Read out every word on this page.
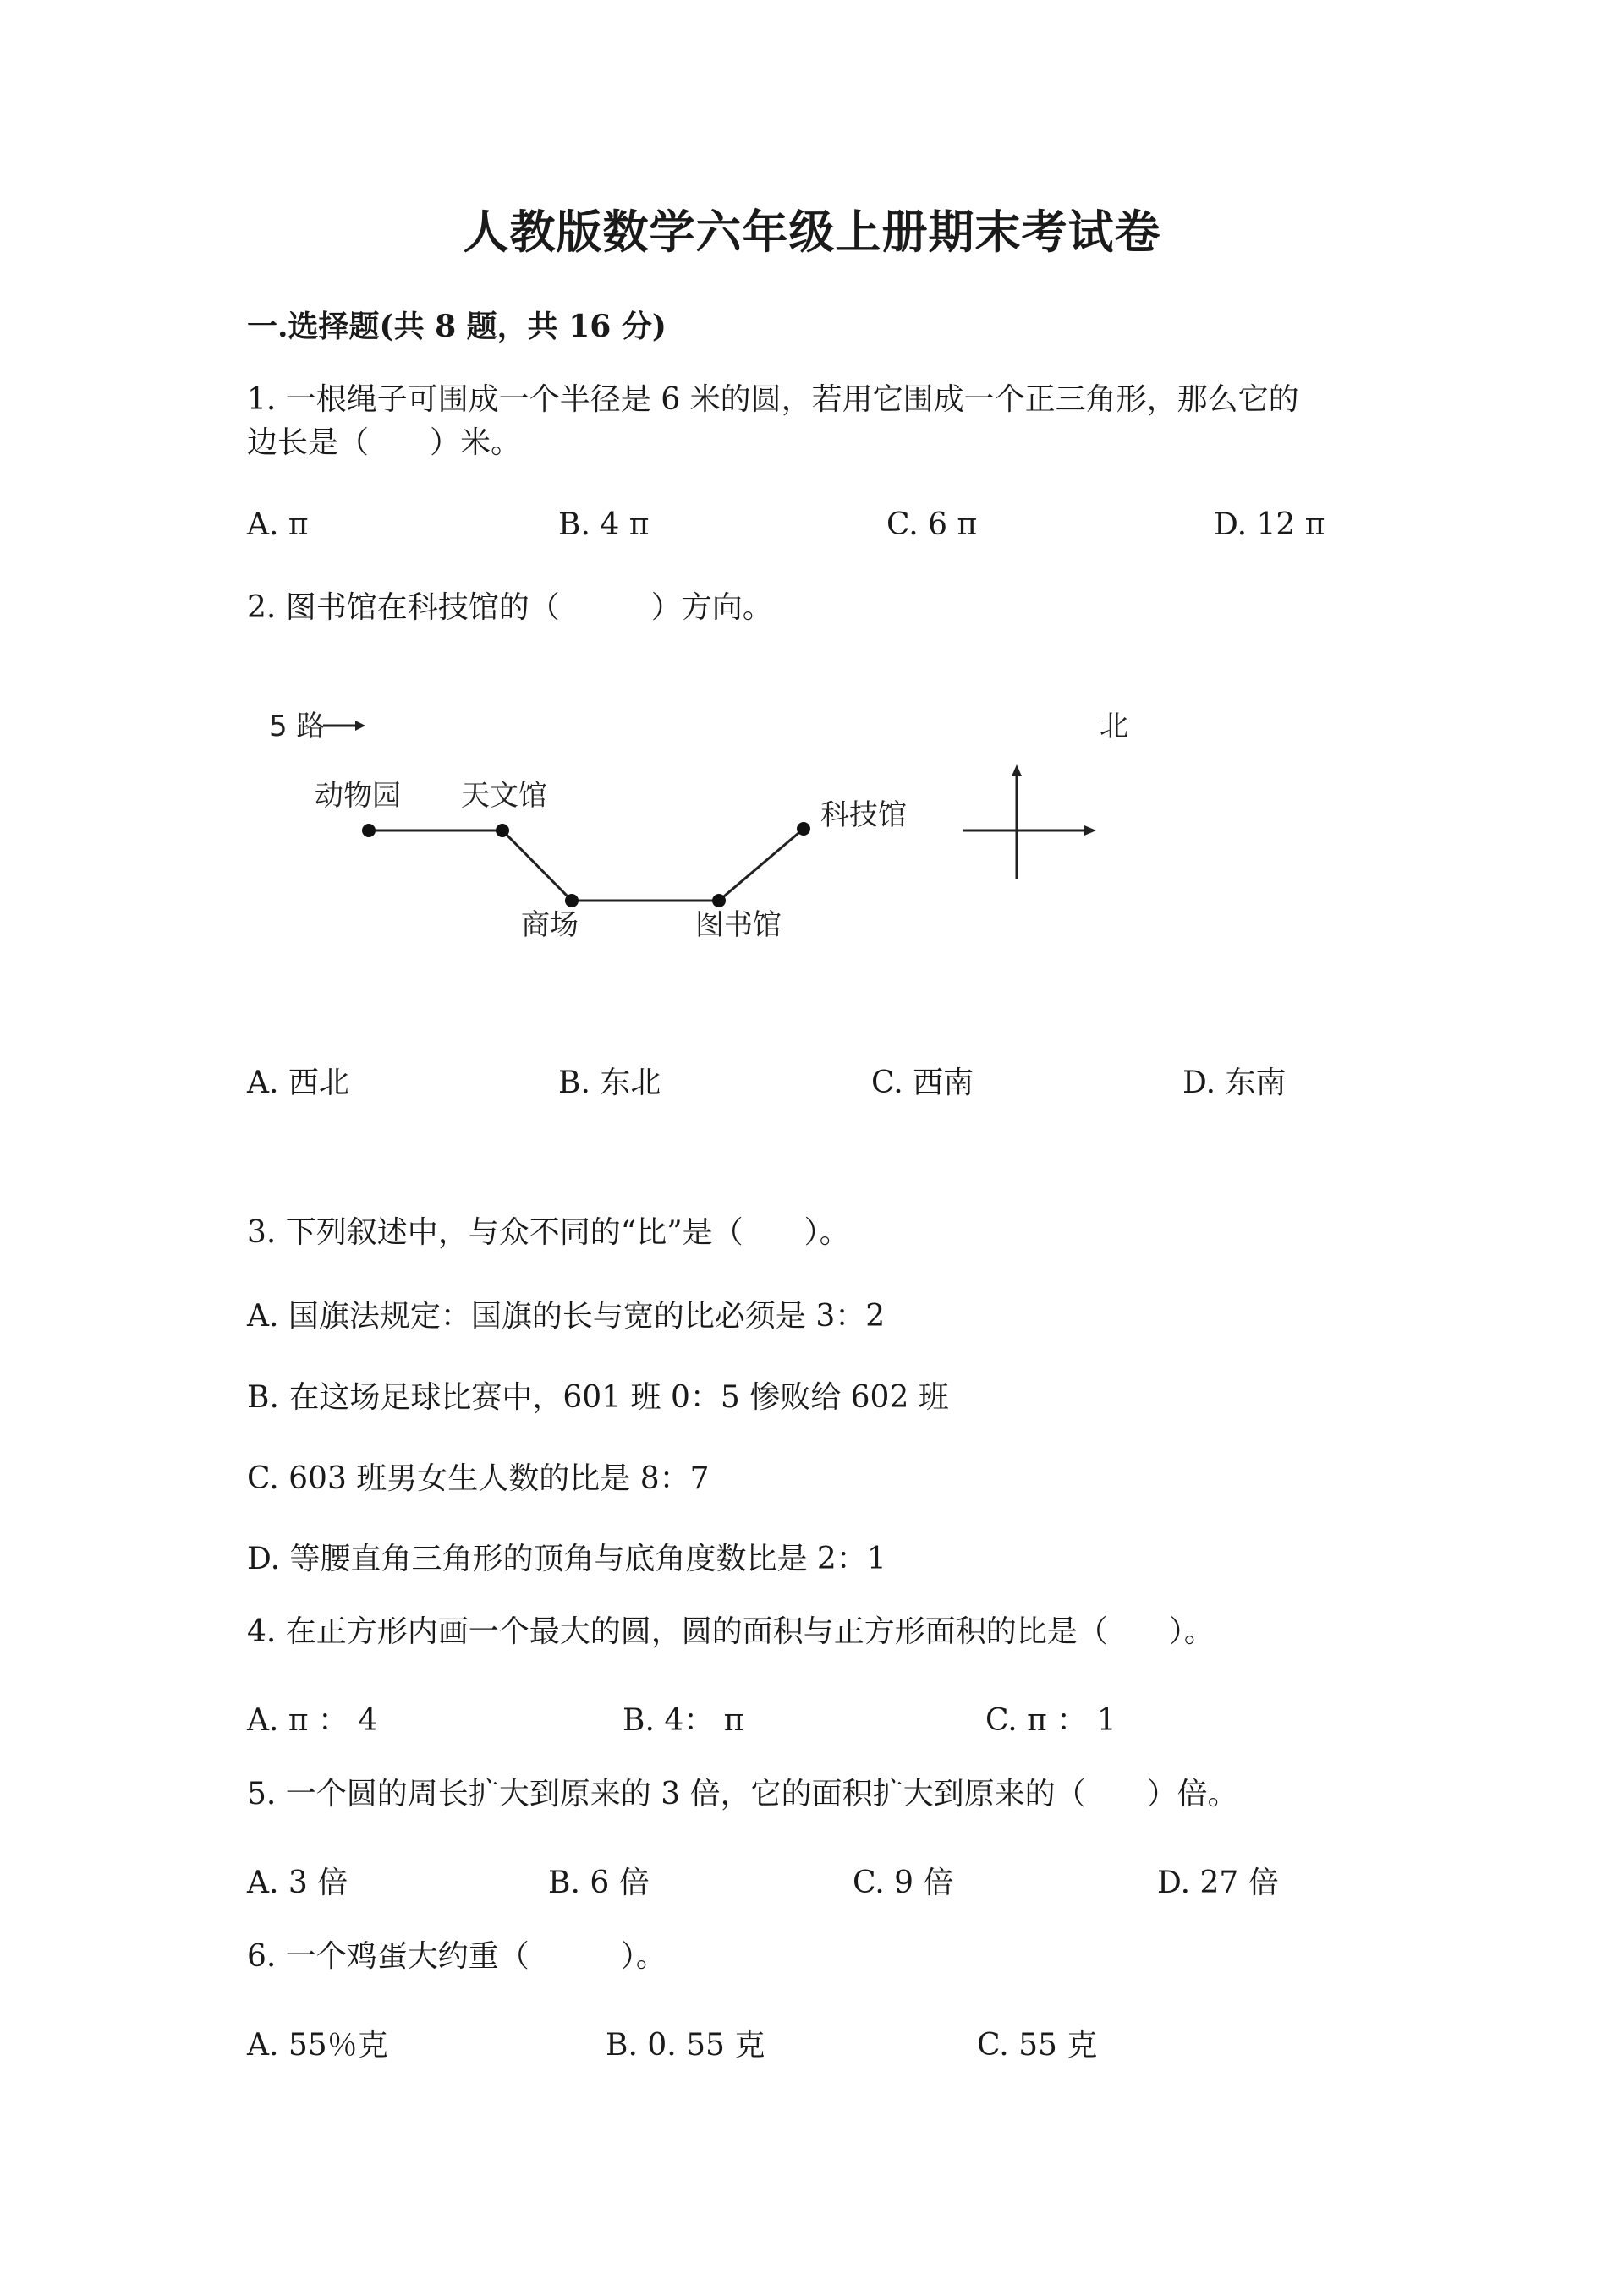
人教版数学六年级上册期末考试卷
一.选择题(共 8 题，共 16 分)
1. 一根绳子可围成一个半径是 6 米的圆，若用它围成一个正三角形，那么它的
边长是（　　）米。
A. π	B. 4 π	C. 6 π	D. 12 π
2. 图书馆在科技馆的（　　　）方向。
5 路
动物园 天文馆
商场	图书馆
科技馆
北
A. 西北	B. 东北	C. 西南	D. 东南
3. 下列叙述中，与众不同的“比”是（　　）。
A. 国旗法规定：国旗的长与宽的比必须是 3：2
B. 在这场足球比赛中，601 班 0：5 惨败给 602 班
C. 603 班男女生人数的比是 8：7
D. 等腰直角三角形的顶角与底角度数比是 2：1
4. 在正方形内画一个最大的圆，圆的面积与正方形面积的比是（　　）。
A. π ： 4	B. 4： π	C. π ： 1
5. 一个圆的周长扩大到原来的 3 倍，它的面积扩大到原来的（　　）倍。
A. 3 倍	B. 6 倍	C. 9 倍	D. 27 倍
6. 一个鸡蛋大约重（　　　）。
A. 55％克	B. 0. 55 克	C. 55 克
